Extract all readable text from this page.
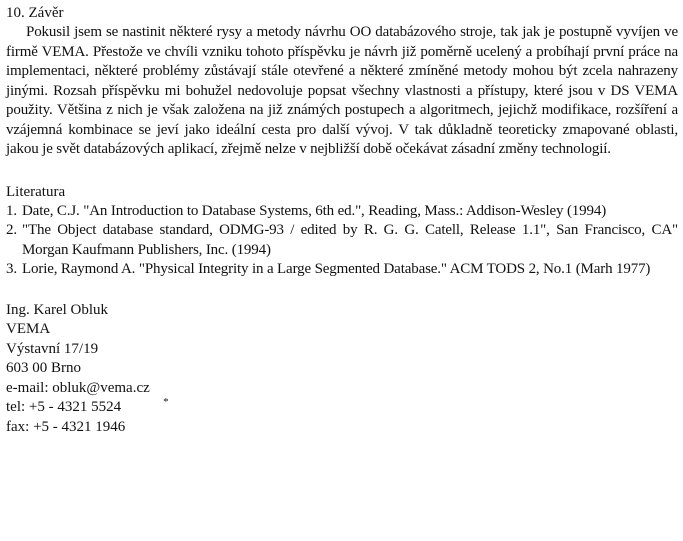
10. Závěr

Pokusil jsem se nastinit některé rysy a metody návrhu OO databázového stroje, tak jak je postupně vyvíjen ve firmě VEMA. Přestože ve chvíli vzniku tohoto příspěvku je návrh již poměrně ucelený a probíhají první práce na implementaci, některé problémy zůstávají stále otevřené a některé zmíněné metody mohou být zcela nahrazeny jinými. Rozsah příspěvku mi bohužel nedovoluje popsat všechny vlastnosti a přístupy, které jsou v DS VEMA použity. Většina z nich je však založena na již známých postupech a algoritmech, jejichž modifikace, rozšíření a vzájemná kombinace se jeví jako ideální cesta pro další vývoj. V tak důkladně teoreticky zmapované oblasti, jakou je svět databázových aplikací, zřejmě nelze v nejbližší době očekávat zásadní změny technologií.

Literatura
1. Date, C.J. "An Introduction to Database Systems, 6th ed.", Reading, Mass.: Addison-Wesley (1994)
2. "The Object database standard, ODMG-93 / edited by R. G. G. Catell, Release 1.1", San Francisco, CA" Morgan Kaufmann Publishers, Inc. (1994)
3. Lorie, Raymond A. "Physical Integrity in a Large Segmented Database." ACM TODS 2, No.1 (Marh 1977)
Ing. Karel Obluk
VEMA
Výstavní 17/19
603 00 Brno
e-mail: obluk@vema.cz
tel: +5 - 4321 5524	*
fax: +5 - 4321 1946
